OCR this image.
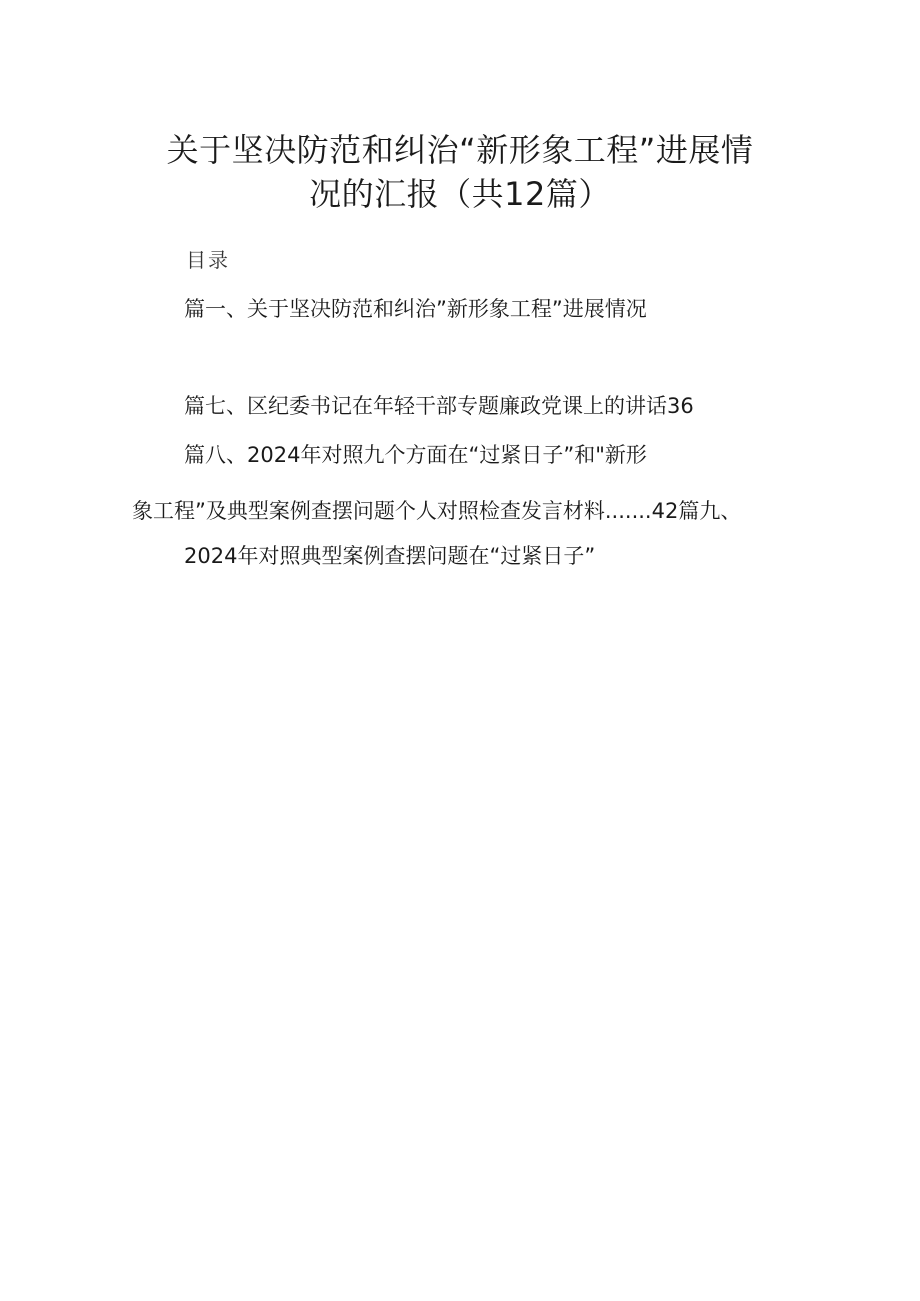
关于坚决防范和纠治“新形象工程”进展情
况的汇报（共12篇）
目录
篇一、关于坚决防范和纠治”新形象工程”进展情况
篇七、区纪委书记在年轻干部专题廉政党课上的讲话36
篇八、2024年对照九个方面在“过紧日子”和"新形
象工程”及典型案例查摆问题个人对照检查发言材料.......42篇九、
2024年对照典型案例查摆问题在“过紧日子”
